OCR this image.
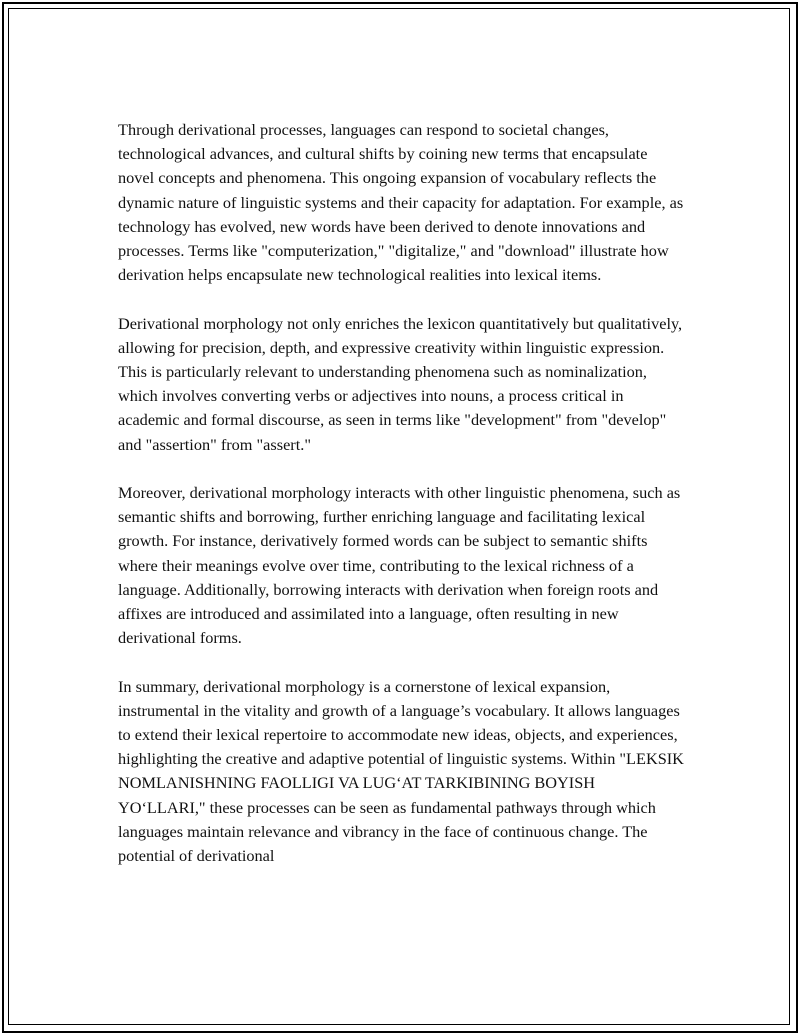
Through derivational processes, languages can respond to societal changes, technological advances, and cultural shifts by coining new terms that encapsulate novel concepts and phenomena. This ongoing expansion of vocabulary reflects the dynamic nature of linguistic systems and their capacity for adaptation. For example, as technology has evolved, new words have been derived to denote innovations and processes. Terms like "computerization," "digitalize," and "download" illustrate how derivation helps encapsulate new technological realities into lexical items.

Derivational morphology not only enriches the lexicon quantitatively but qualitatively, allowing for precision, depth, and expressive creativity within linguistic expression. This is particularly relevant to understanding phenomena such as nominalization, which involves converting verbs or adjectives into nouns, a process critical in academic and formal discourse, as seen in terms like "development" from "develop" and "assertion" from "assert."

Moreover, derivational morphology interacts with other linguistic phenomena, such as semantic shifts and borrowing, further enriching language and facilitating lexical growth. For instance, derivatively formed words can be subject to semantic shifts where their meanings evolve over time, contributing to the lexical richness of a language. Additionally, borrowing interacts with derivation when foreign roots and affixes are introduced and assimilated into a language, often resulting in new derivational forms.

In summary, derivational morphology is a cornerstone of lexical expansion, instrumental in the vitality and growth of a language’s vocabulary. It allows languages to extend their lexical repertoire to accommodate new ideas, objects, and experiences, highlighting the creative and adaptive potential of linguistic systems. Within "LEKSIK NOMLANISHNING FAOLLIGI VA LUG‘AT TARKIBINING BOYISH YO‘LLARI," these processes can be seen as fundamental pathways through which languages maintain relevance and vibrancy in the face of continuous change. The potential of derivational
